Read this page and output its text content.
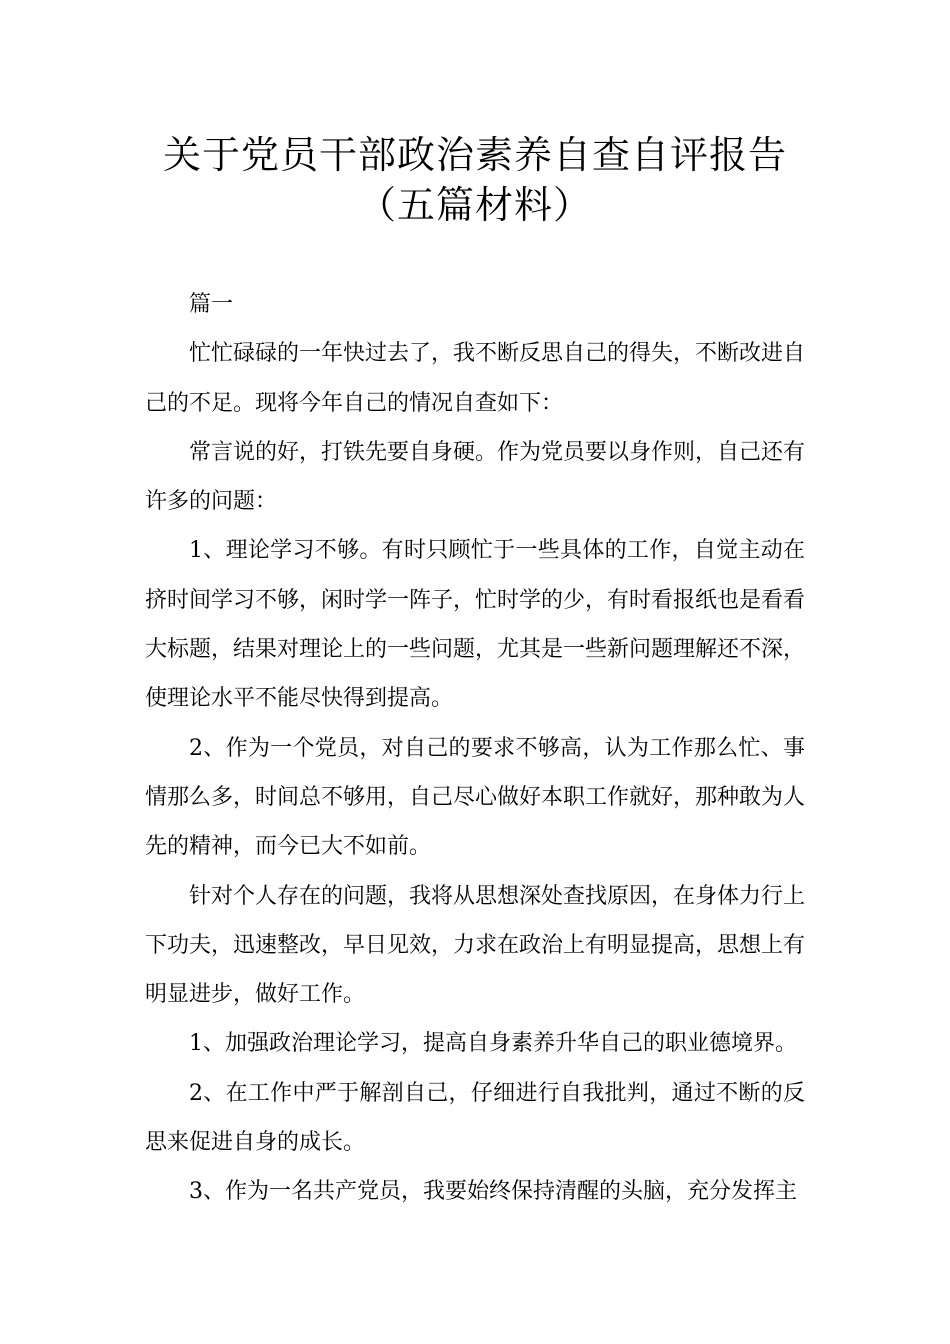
关于党员干部政治素养自查自评报告
（五篇材料）

篇一

忙忙碌碌的一年快过去了，我不断反思自己的得失，不断改进自己的不足。现将今年自己的情况自查如下：

常言说的好，打铁先要自身硬。作为党员要以身作则，自己还有许多的问题：

1、理论学习不够。有时只顾忙于一些具体的工作，自觉主动在挤时间学习不够，闲时学一阵子，忙时学的少，有时看报纸也是看看大标题，结果对理论上的一些问题，尤其是一些新问题理解还不深，使理论水平不能尽快得到提高。

2、作为一个党员，对自己的要求不够高，认为工作那么忙、事情那么多，时间总不够用，自己尽心做好本职工作就好，那种敢为人先的精神，而今已大不如前。

针对个人存在的问题，我将从思想深处查找原因，在身体力行上下功夫，迅速整改，早日见效，力求在政治上有明显提高，思想上有明显进步，做好工作。

1、加强政治理论学习，提高自身素养升华自己的职业德境界。

2、在工作中严于解剖自己，仔细进行自我批判，通过不断的反思来促进自身的成长。

3、作为一名共产党员，我要始终保持清醒的头脑，充分发挥主
